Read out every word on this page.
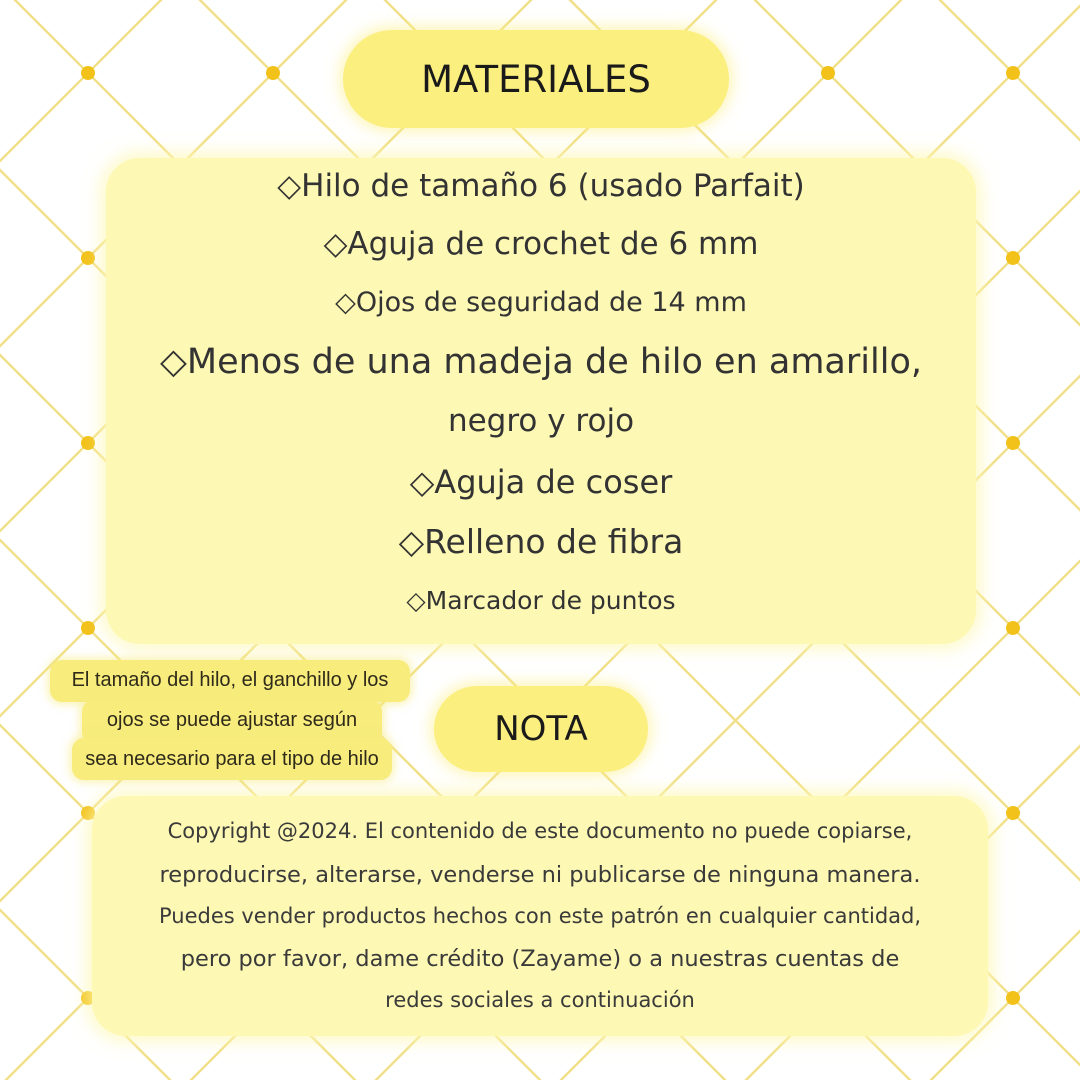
MATERIALES
◇Hilo de tamaño 6 (usado Parfait)
◇Aguja de crochet de 6 mm
◇Ojos de seguridad de 14 mm
◇Menos de una madeja de hilo en amarillo,
negro y rojo
◇Aguja de coser
◇Relleno de fibra
◇Marcador de puntos
El tamaño del hilo, el ganchillo y los
ojos se puede ajustar según
sea necesario para el tipo de hilo
NOTA
Copyright @2024. El contenido de este documento no puede copiarse,
reproducirse, alterarse, venderse ni publicarse de ninguna manera.
Puedes vender productos hechos con este patrón en cualquier cantidad,
pero por favor, dame crédito (Zayame) o a nuestras cuentas de
redes sociales a continuación
